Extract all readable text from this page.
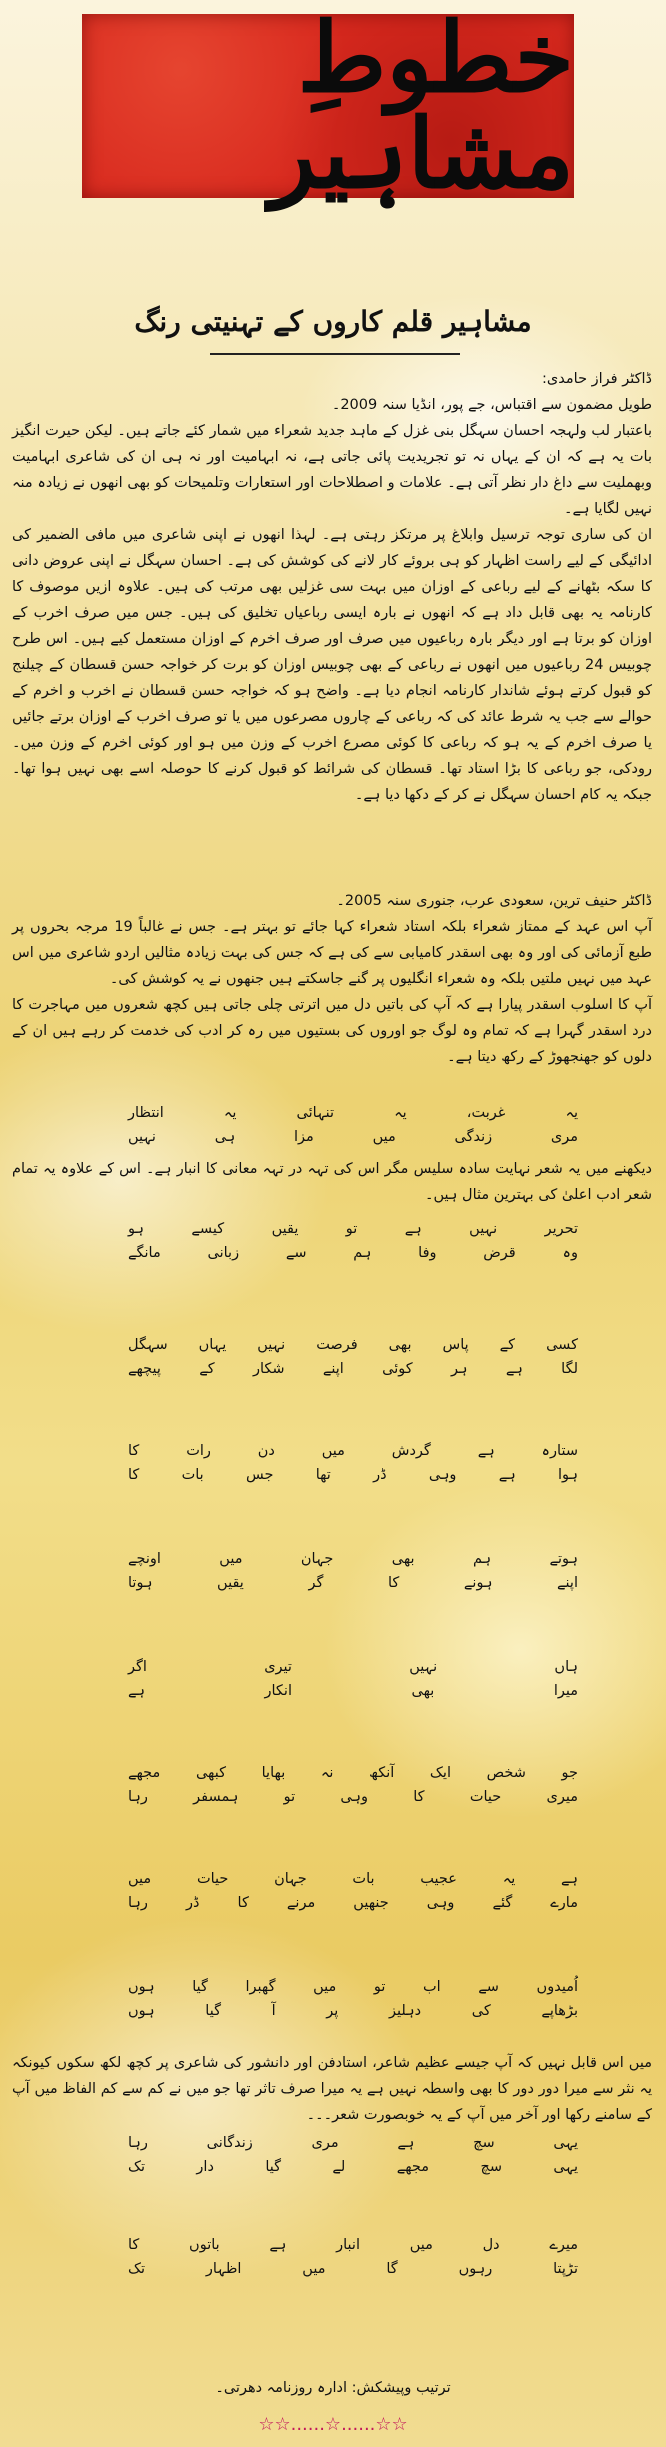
خطوطِ مشاہیر
مشاہیر قلم کاروں کے تہنیتی رنگ

ڈاکٹر فراز حامدی:

طویل مضمون سے اقتباس، جے پور، انڈیا سنہ 2009۔

باعتبار لب ولہجہ احسان سہگل بنی غزل کے ماہد جدید شعراء میں شمار کئے جاتے ہیں۔ لیکن حیرت انگیز بات یہ ہے کہ ان کے یہاں نہ تو تجریدیت پائی جاتی ہے، نہ ابہامیت اور نہ ہی ان کی شاعری ابہامیت وبھملیت سے داغ دار نظر آتی ہے۔ علامات و اصطلاحات اور استعارات وتلمیحات کو بھی انھوں نے زیادہ منہ نہیں لگایا ہے۔

ان کی ساری توجہ ترسیل وابلاغ پر مرتکز رہتی ہے۔ لہذا انھوں نے اپنی شاعری میں مافی الضمیر کی ادائیگی کے لیے راست اظہار کو ہی بروئے کار لانے کی کوشش کی ہے۔ احسان سہگل نے اپنی عروض دانی کا سکہ بٹھانے کے لیے رباعی کے اوزان میں بہت سی غزلیں بھی مرتب کی ہیں۔ علاوہ ازیں موصوف کا کارنامہ یہ بھی قابل داد ہے کہ انھوں نے بارہ ایسی رباعیاں تخلیق کی ہیں۔ جس میں صرف اخرب کے اوزان کو برتا ہے اور دیگر بارہ رباعیوں میں صرف اور صرف اخرم کے اوزان مستعمل کیے ہیں۔ اس طرح چوبیس 24 رباعیوں میں انھوں نے رباعی کے بھی چوبیس اوزان کو برت کر خواجہ حسن قسطان کے چیلنج کو قبول کرتے ہوئے شاندار کارنامہ انجام دیا ہے۔ واضح ہو کہ خواجہ حسن قسطان نے اخرب و اخرم کے حوالے سے جب یہ شرط عائد کی کہ رباعی کے چاروں مصرعوں میں یا تو صرف اخرب کے اوزان برتے جائیں یا صرف اخرم کے یہ ہو کہ رباعی کا کوئی مصرع اخرب کے وزن میں ہو اور کوئی اخرم کے وزن میں۔ رودکی، جو رباعی کا بڑا استاد تھا۔ قسطان کی شرائط کو قبول کرنے کا حوصلہ اسے بھی نہیں ہوا تھا۔ جبکہ یہ کام احسان سہگل نے کر کے دکھا دیا ہے۔

ڈاکٹر حنیف ترین، سعودی عرب، جنوری سنہ 2005۔

آپ اس عہد کے ممتاز شعراء بلکہ استاد شعراء کہا جائے تو بہتر ہے۔ جس نے غالباً 19 مرجہ بحروں پر طبع آزمائی کی اور وہ بھی اسقدر کامیابی سے کی ہے کہ جس کی بہت زیادہ مثالیں اردو شاعری میں اس عہد میں نہیں ملتیں بلکہ وہ شعراء انگلیوں پر گنے جاسکتے ہیں جنھوں نے یہ کوشش کی۔

آپ کا اسلوب اسقدر پیارا ہے کہ آپ کی باتیں دل میں اترتی چلی جاتی ہیں کچھ شعروں میں مہاجرت کا درد اسقدر گہرا ہے کہ تمام وہ لوگ جو اوروں کی بستیوں میں رہ کر ادب کی خدمت کر رہے ہیں ان کے دلوں کو جھنجھوڑ کے رکھ دیتا ہے۔

یہ غربت، یہ تنہائی یہ انتظار
مری زندگی میں مزا ہی نہیں

دیکھنے میں یہ شعر نہایت سادہ سلیس مگر اس کی تہہ در تہہ معانی کا انبار ہے۔ اس کے علاوہ یہ تمام شعر ادب اعلیٰ کی بہترین مثال ہیں۔

تحریر نہیں ہے تو یقیں کیسے ہو
وہ قرض وفا ہم سے زبانی مانگے
کسی کے پاس بھی فرصت نہیں یہاں سہگل
لگا ہے ہر کوئی اپنے شکار کے پیچھے
ستارہ ہے گردش میں دن رات کا
ہوا ہے وہی ڈر تھا جس بات کا
ہوتے ہم بھی جہان میں اونچے
اپنے ہونے کا گر یقیں ہوتا
ہاں نہیں تیری اگر
میرا بھی انکار ہے
جو شخص ایک آنکھ نہ بھایا کبھی مجھے
میری حیات کا وہی تو ہمسفر رہا
ہے یہ عجیب بات جہان حیات میں
مارے گئے وہی جنھیں مرنے کا ڈر رہا
اُمیدوں سے اب تو میں گھبرا گیا ہوں
بڑھاپے کی دہلیز پر آ گیا ہوں

میں اس قابل نہیں کہ آپ جیسے عظیم شاعر، استادفن اور دانشور کی شاعری پر کچھ لکھ سکوں کیونکہ یہ نثر سے میرا دور دور کا بھی واسطہ نہیں ہے یہ میرا صرف تاثر تھا جو میں نے کم سے کم الفاظ میں آپ کے سامنے رکھا اور آخر میں آپ کے یہ خوبصورت شعر۔۔۔

یہی سچ ہے مری زندگانی رہا
یہی سچ مجھے لے گیا دار تک
میرے دل میں انبار ہے باتوں کا
تڑپتا رہوں گا میں اظہار تک
ترتیب وپیشکش: ادارہ روزنامہ دھرتی۔
☆☆......☆......☆☆
